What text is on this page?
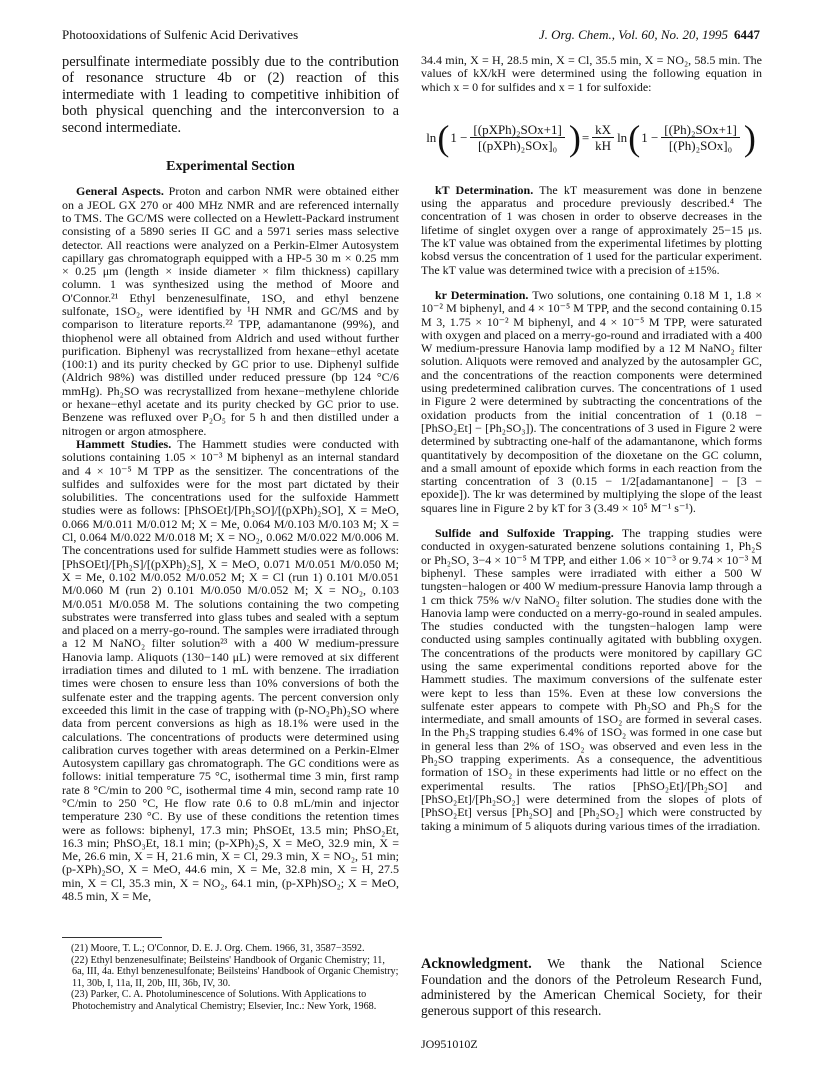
Photooxidations of Sulfenic Acid Derivatives	J. Org. Chem., Vol. 60, No. 20, 1995 6447

persulfinate intermediate possibly due to the contribution of resonance structure 4b or (2) reaction of this intermediate with 1 leading to competitive inhibition of both physical quenching and the interconversion to a second intermediate.

Experimental Section

General Aspects. Proton and carbon NMR were obtained either on a JEOL GX 270 or 400 MHz NMR and are referenced internally to TMS. The GC/MS were collected on a Hewlett-Packard instrument consisting of a 5890 series II GC and a 5971 series mass selective detector. All reactions were analyzed on a Perkin-Elmer Autosystem capillary gas chromatograph equipped with a HP-5 30 m × 0.25 mm × 0.25 μm (length × inside diameter × film thickness) capillary column. 1 was synthesized using the method of Moore and O'Connor.²¹ Ethyl benzenesulfinate, 1SO, and ethyl benzene sulfonate, 1SO₂, were identified by ¹H NMR and GC/MS and by comparison to literature reports.²² TPP, adamantanone (99%), and thiophenol were all obtained from Aldrich and used without further purification. Biphenyl was recrystallized from hexane−ethyl acetate (100:1) and its purity checked by GC prior to use. Diphenyl sulfide (Aldrich 98%) was distilled under reduced pressure (bp 124 °C/6 mmHg). Ph₂SO was recrystallized from hexane−methylene chloride or hexane−ethyl acetate and its purity checked by GC prior to use. Benzene was refluxed over P₂O₅ for 5 h and then distilled under a nitrogen or argon atmosphere.

Hammett Studies. The Hammett studies were conducted with solutions containing 1.05 × 10⁻³ M biphenyl as an internal standard and 4 × 10⁻⁵ M TPP as the sensitizer. The concentrations of the sulfides and sulfoxides were for the most part dictated by their solubilities. The concentrations used for the sulfoxide Hammett studies were as follows: [PhSOEt]/[Ph₂SO]/[(pXPh)₂SO], X = MeO, 0.066 M/0.011 M/0.012 M; X = Me, 0.064 M/0.103 M/0.103 M; X = Cl, 0.064 M/0.022 M/0.018 M; X = NO₂, 0.062 M/0.022 M/0.006 M. The concentrations used for sulfide Hammett studies were as follows: [PhSOEt]/[Ph₂S]/[(pXPh)₂S], X = MeO, 0.071 M/0.051 M/0.050 M; X = Me, 0.102 M/0.052 M/0.052 M; X = Cl (run 1) 0.101 M/0.051 M/0.060 M (run 2) 0.101 M/0.050 M/0.052 M; X = NO₂, 0.103 M/0.051 M/0.058 M. The solutions containing the two competing substrates were transferred into glass tubes and sealed with a septum and placed on a merry-go-round. The samples were irradiated through a 12 M NaNO₂ filter solution²³ with a 400 W medium-pressure Hanovia lamp. Aliquots (130−140 μL) were removed at six different irradiation times and diluted to 1 mL with benzene. The irradiation times were chosen to ensure less than 10% conversions of both the sulfenate ester and the trapping agents. The percent conversion only exceeded this limit in the case of trapping with (p-NO₂Ph)₂SO where data from percent conversions as high as 18.1% were used in the calculations. The concentrations of products were determined using calibration curves together with areas determined on a Perkin-Elmer Autosystem capillary gas chromatograph. The GC conditions were as follows: initial temperature 75 °C, isothermal time 3 min, first ramp rate 8 °C/min to 200 °C, isothermal time 4 min, second ramp rate 10 °C/min to 250 °C, He flow rate 0.6 to 0.8 mL/min and injector temperature 230 °C. By use of these conditions the retention times were as follows: biphenyl, 17.3 min; PhSOEt, 13.5 min; PhSO₂Et, 16.3 min; PhSO₃Et, 18.1 min; (p-XPh)₂S, X = MeO, 32.9 min, X = Me, 26.6 min, X = H, 21.6 min, X = Cl, 29.3 min, X = NO₂, 51 min; (p-XPh)₂SO, X = MeO, 44.6 min, X = Me, 32.8 min, X = H, 27.5 min, X = Cl, 35.3 min, X = NO₂, 64.1 min, (p-XPh)SO₂; X = MeO, 48.5 min, X = Me,

34.4 min, X = H, 28.5 min, X = Cl, 35.5 min, X = NO₂, 58.5 min. The values of kX/kH were determined using the following equation in which x = 0 for sulfides and x = 1 for sulfoxide:

ln ( $1 - \frac{\text{[(pXPh)₂SOx+1]}}{\text{[(pXPh)₂SOx]₀}}$ ) = $\frac{kX}{kH}$ ln ( $1 - \frac{\text{[(Ph)₂SOx+1]}}{\text{[(Ph)₂SOx]₀}}$ )

kT Determination. The kT measurement was done in benzene using the apparatus and procedure previously described.⁴ The concentration of 1 was chosen in order to observe decreases in the lifetime of singlet oxygen over a range of approximately 25−15 μs. The kT value was obtained from the experimental lifetimes by plotting kobsd versus the concentration of 1 used for the particular experiment. The kT value was determined twice with a precision of ±15%.

kr Determination. Two solutions, one containing 0.18 M 1, 1.8 × 10⁻² M biphenyl, and 4 × 10⁻⁵ M TPP, and the second containing 0.15 M 3, 1.75 × 10⁻² M biphenyl, and 4 × 10⁻⁵ M TPP, were saturated with oxygen and placed on a merry-go-round and irradiated with a 400 W medium-pressure Hanovia lamp modified by a 12 M NaNO₂ filter solution. Aliquots were removed and analyzed by the autosampler GC, and the concentrations of the reaction components were determined using predetermined calibration curves. The concentrations of 1 used in Figure 2 were determined by subtracting the concentrations of the oxidation products from the initial concentration of 1 (0.18 − [PhSO₂Et] − [Ph₂SO₃]). The concentrations of 3 used in Figure 2 were determined by subtracting one-half of the adamantanone, which forms quantitatively by decomposition of the dioxetane on the GC column, and a small amount of epoxide which forms in each reaction from the starting concentration of 3 (0.15 − 1/2[adamantanone] − [3 − epoxide]). The kr was determined by multiplying the slope of the least squares line in Figure 2 by kT for 3 (3.49 × 10⁵ M⁻¹ s⁻¹).

Sulfide and Sulfoxide Trapping. The trapping studies were conducted in oxygen-saturated benzene solutions containing 1, Ph₂S or Ph₂SO, 3−4 × 10⁻⁵ M TPP, and either 1.06 × 10⁻³ or 9.74 × 10⁻³ M biphenyl. These samples were irradiated with either a 500 W tungsten−halogen or 400 W medium-pressure Hanovia lamp through a 1 cm thick 75% w/v NaNO₂ filter solution. The studies done with the Hanovia lamp were conducted on a merry-go-round in sealed ampules. The studies conducted with the tungsten−halogen lamp were conducted using samples continually agitated with bubbling oxygen. The concentrations of the products were monitored by capillary GC using the same experimental conditions reported above for the Hammett studies. The maximum conversions of the sulfenate ester were kept to less than 15%. Even at these low conversions the sulfenate ester appears to compete with Ph₂SO and Ph₂S for the intermediate, and small amounts of 1SO₂ are formed in several cases. In the Ph₂S trapping studies 6.4% of 1SO₂ was formed in one case but in general less than 2% of 1SO₂ was observed and even less in the Ph₂SO trapping experiments. As a consequence, the adventitious formation of 1SO₂ in these experiments had little or no effect on the experimental results. The ratios [PhSO₂Et]/[Ph₂SO] and [PhSO₂Et]/[Ph₂SO₂] were determined from the slopes of plots of [PhSO₂Et] versus [Ph₂SO] and [Ph₂SO₂] which were constructed by taking a minimum of 5 aliquots during various times of the irradiation.

(21) Moore, T. L.; O'Connor, D. E. J. Org. Chem. 1966, 31, 3587−3592.

(22) Ethyl benzenesulfinate; Beilsteins' Handbook of Organic Chemistry; 11, 6a, III, 4a. Ethyl benzenesulfonate; Beilsteins' Handbook of Organic Chemistry; 11, 30b, I, 11a, II, 20b, III, 36b, IV, 30.

(23) Parker, C. A. Photoluminescence of Solutions. With Applications to Photochemistry and Analytical Chemistry; Elsevier, Inc.: New York, 1968.

Acknowledgment. We thank the National Science Foundation and the donors of the Petroleum Research Fund, administered by the American Chemical Society, for their generous support of this research.
JO951010Z
